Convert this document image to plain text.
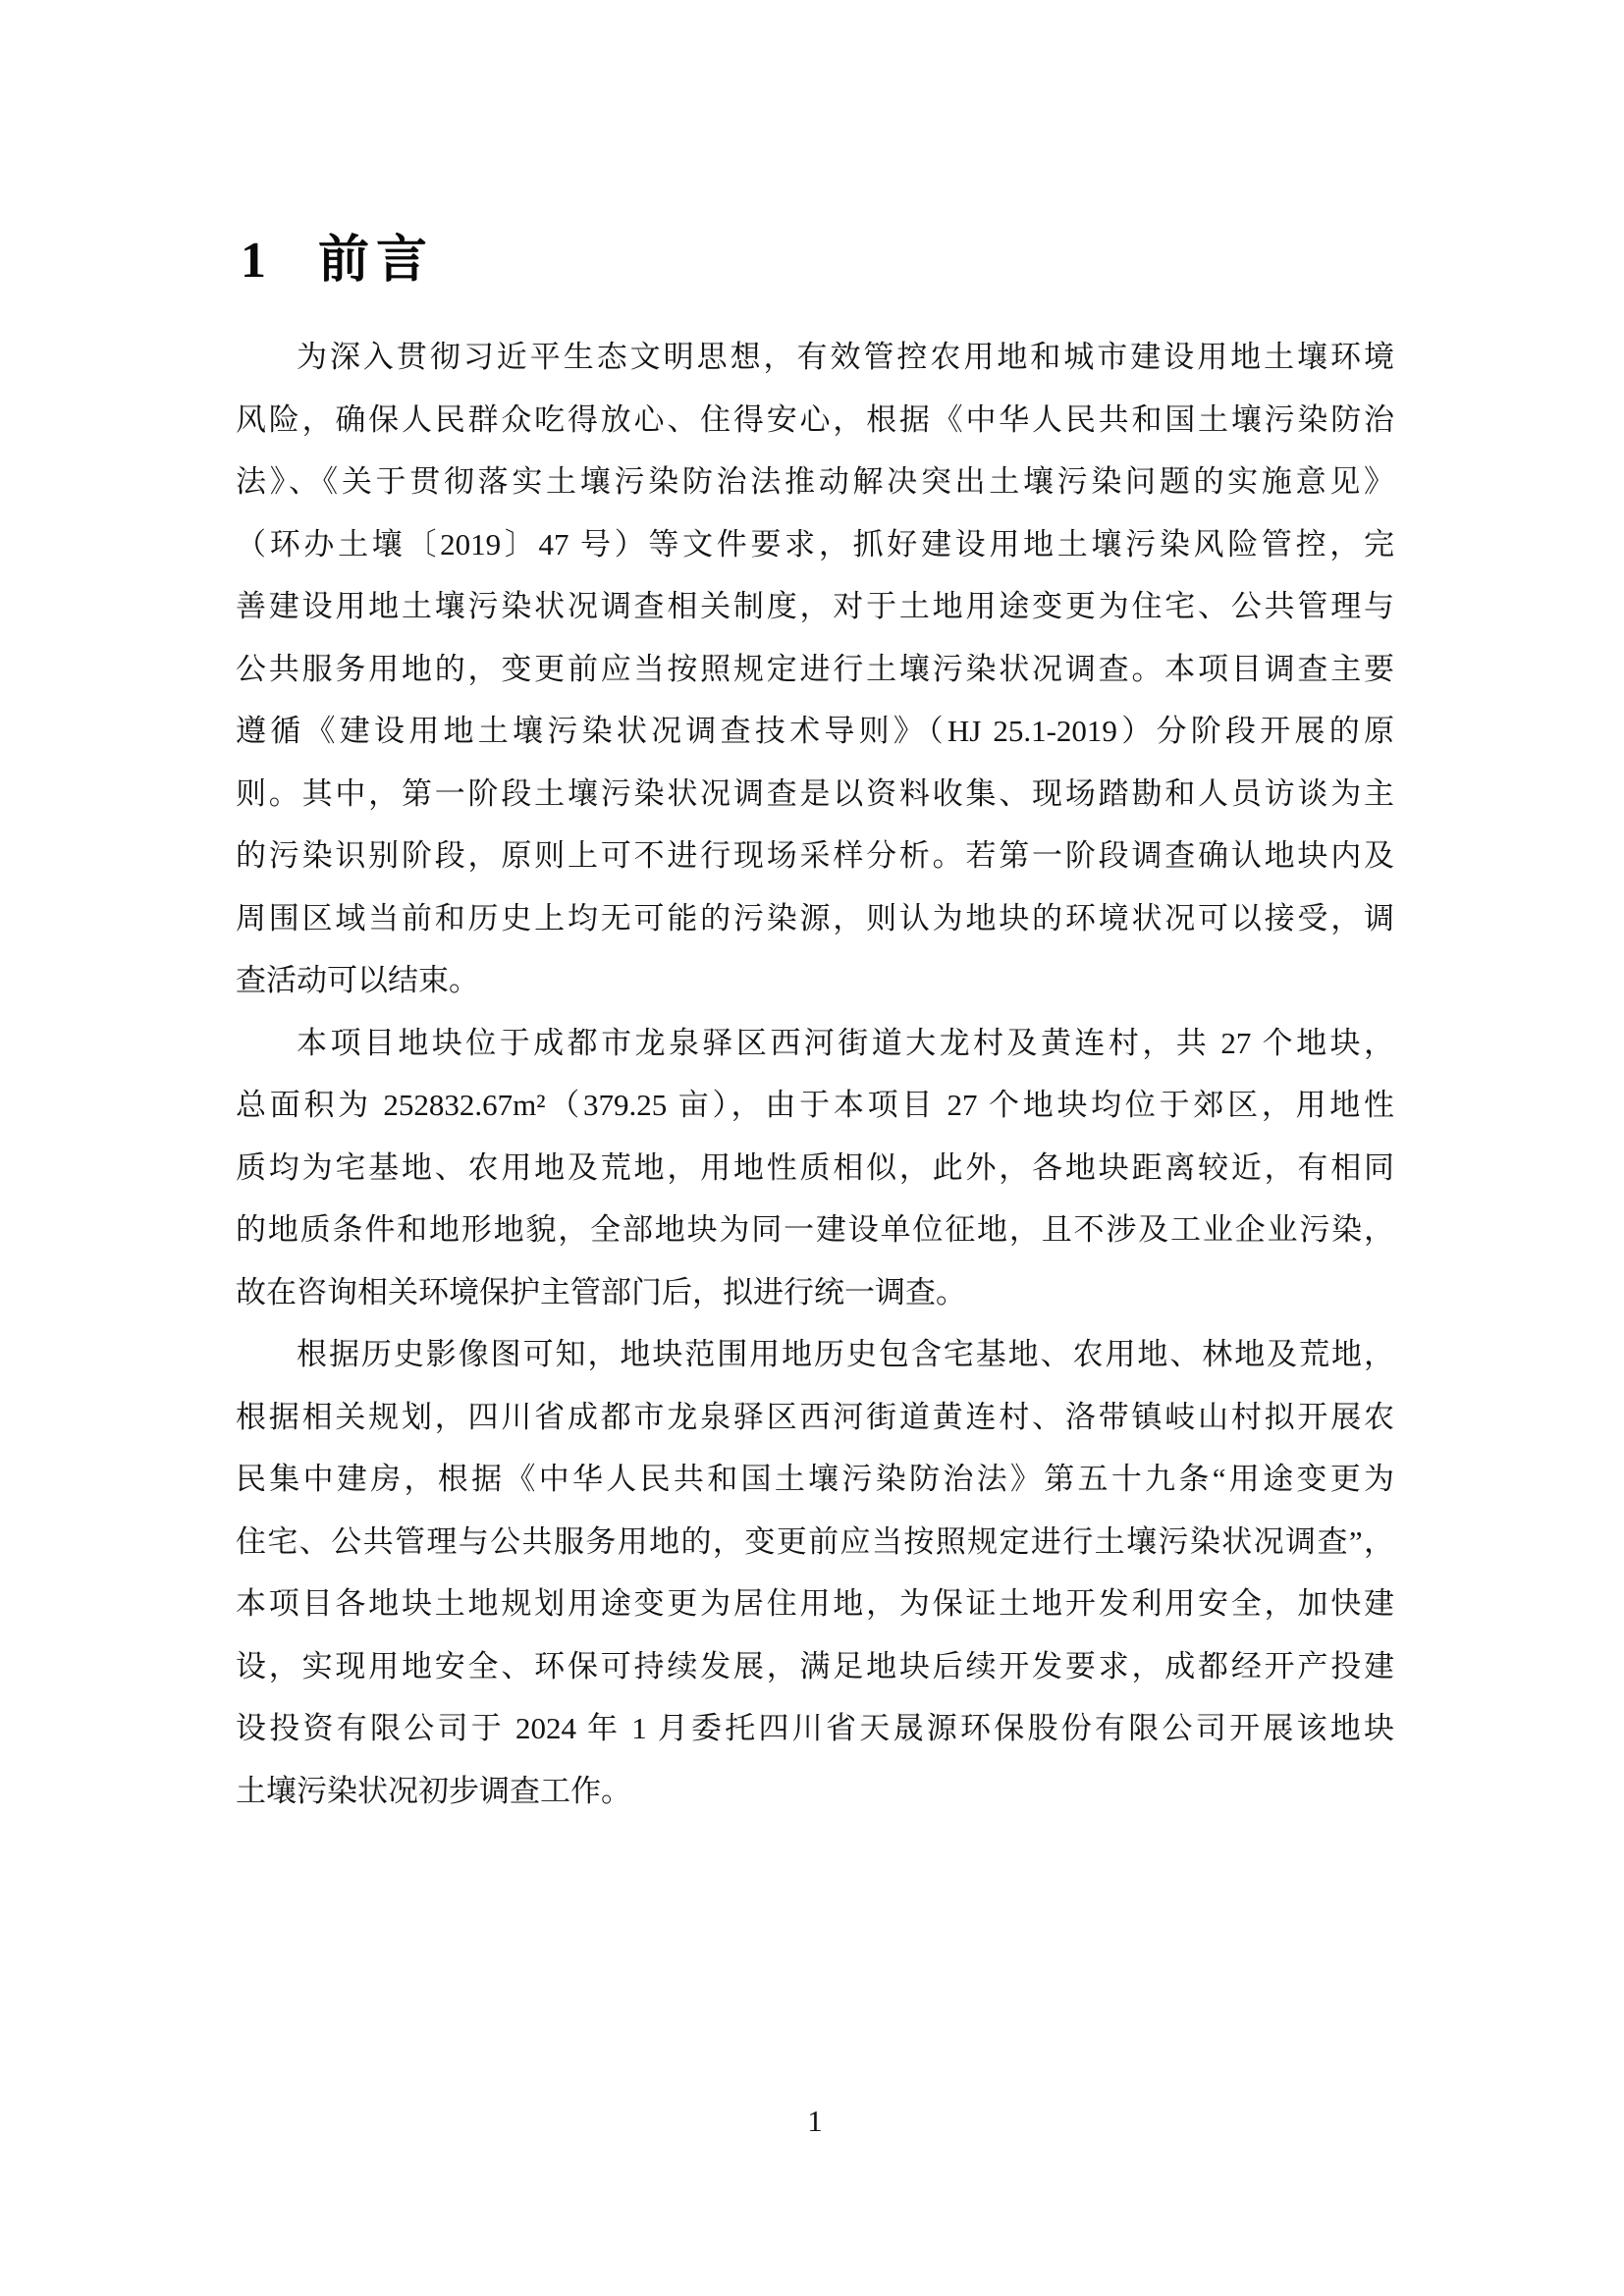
1 前言
为深入贯彻习近平生态文明思想，有效管控农用地和城市建设用地土壤环境
风险，确保人民群众吃得放心、住得安心，根据《中华人民共和国土壤污染防治
法》、《关于贯彻落实土壤污染防治法推动解决突出土壤污染问题的实施意见》
（环办土壤〔2019〕47 号）等文件要求，抓好建设用地土壤污染风险管控，完
善建设用地土壤污染状况调查相关制度，对于土地用途变更为住宅、公共管理与
公共服务用地的，变更前应当按照规定进行土壤污染状况调查。本项目调查主要
遵循《建设用地土壤污染状况调查技术导则》（HJ 25.1-2019）分阶段开展的原
则。其中，第一阶段土壤污染状况调查是以资料收集、现场踏勘和人员访谈为主
的污染识别阶段，原则上可不进行现场采样分析。若第一阶段调查确认地块内及
周围区域当前和历史上均无可能的污染源，则认为地块的环境状况可以接受，调
查活动可以结束。
本项目地块位于成都市龙泉驿区西河街道大龙村及黄连村，共 27 个地块，
总面积为 252832.67m²（379.25 亩），由于本项目 27 个地块均位于郊区，用地性
质均为宅基地、农用地及荒地，用地性质相似，此外，各地块距离较近，有相同
的地质条件和地形地貌，全部地块为同一建设单位征地，且不涉及工业企业污染，
故在咨询相关环境保护主管部门后，拟进行统一调查。
根据历史影像图可知，地块范围用地历史包含宅基地、农用地、林地及荒地，
根据相关规划，四川省成都市龙泉驿区西河街道黄连村、洛带镇岐山村拟开展农
民集中建房，根据《中华人民共和国土壤污染防治法》第五十九条“用途变更为
住宅、公共管理与公共服务用地的，变更前应当按照规定进行土壤污染状况调查”，
本项目各地块土地规划用途变更为居住用地，为保证土地开发利用安全，加快建
设，实现用地安全、环保可持续发展，满足地块后续开发要求，成都经开产投建
设投资有限公司于 2024 年 1 月委托四川省天晟源环保股份有限公司开展该地块
土壤污染状况初步调查工作。
1
